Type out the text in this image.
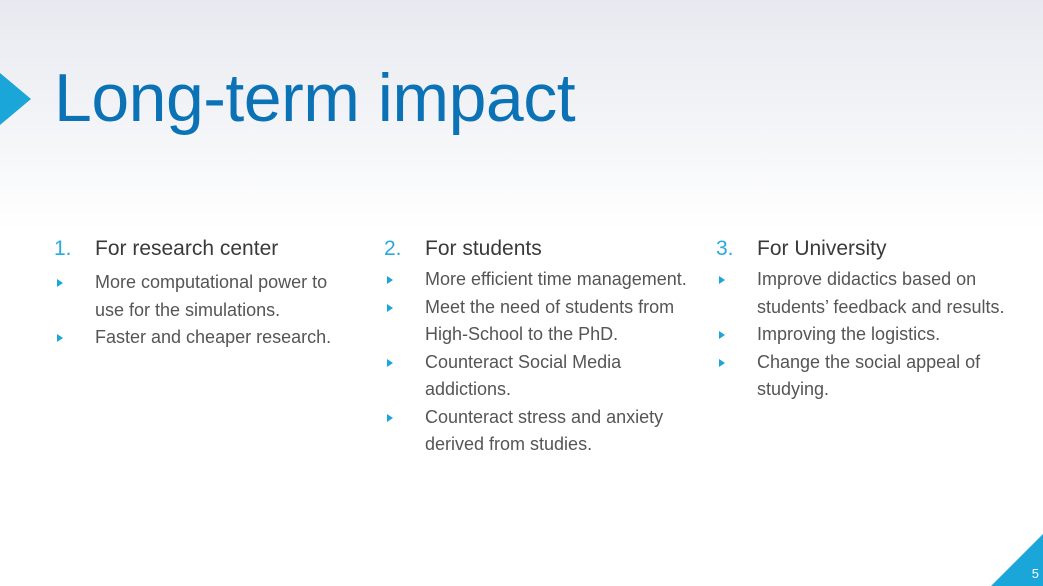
Long-term impact
1.	For research center
More computational power to use for the simulations.
Faster and cheaper research.
2.	For students
More efficient time management.
Meet the need of students from High-School to the PhD.
Counteract Social Media addictions.
Counteract stress and anxiety derived from studies.
3.	For University
Improve didactics based on students’ feedback and results.
Improving the logistics.
Change the social appeal of studying.
5
